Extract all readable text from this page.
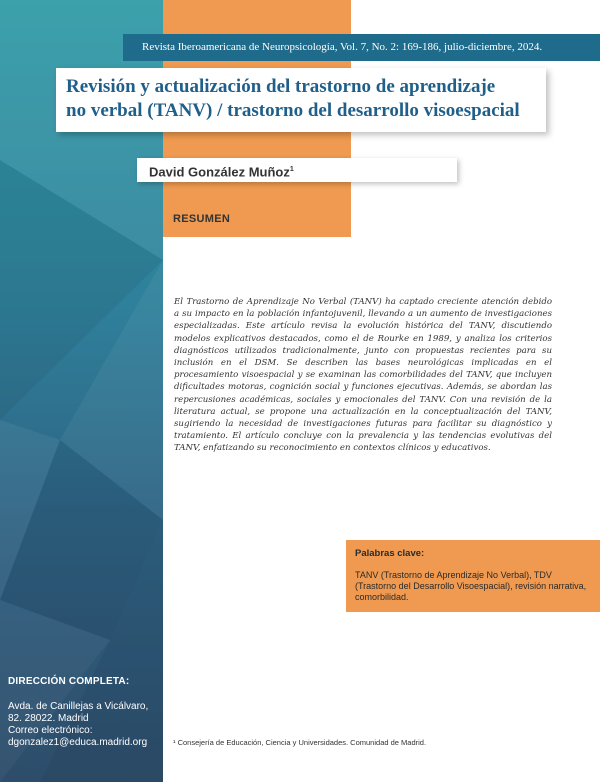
Revista Iberoamericana de Neuropsicología, Vol. 7, No. 2: 169-186, julio-diciembre, 2024.
Revisión y actualización del trastorno de aprendizaje
no verbal (TANV) / trastorno del desarrollo visoespacial
David González Muñoz$^1$
RESUMEN

El Trastorno de Aprendizaje No Verbal (TANV) ha captado creciente atención debido a su impacto en la población infantojuvenil, llevando a un aumento de investigaciones especializadas. Este artículo revisa la evolución histórica del TANV, discutiendo modelos explicativos destacados, como el de Rourke en 1989, y analiza los criterios diagnósticos utilizados tradicionalmente, junto con propuestas recientes para su inclusión en el DSM. Se describen las bases neurológicas implicadas en el procesamiento visoespacial y se examinan las comorbilidades del TANV, que incluyen dificultades motoras, cognición social y funciones ejecutivas. Además, se abordan las repercusiones académicas, sociales y emocionales del TANV. Con una revisión de la literatura actual, se propone una actualización en la conceptualización del TANV, sugiriendo la necesidad de investigaciones futuras para facilitar su diagnóstico y tratamiento. El artículo concluye con la prevalencia y las tendencias evolutivas del TANV, enfatizando su reconocimiento en contextos clínicos y educativos.

Palabras clave:

TANV (Trastorno de Aprendizaje No Verbal), TDV (Trastorno del Desarrollo Visoespacial), revisión narrativa, comorbilidad.

DIRECCIÓN COMPLETA:
Avda. de Canillejas a Vicálvaro,
82. 28022. Madrid
Correo electrónico:
dgonzalez1@educa.madrid.org	¹ Consejería de Educación, Ciencia y Universidades. Comunidad de Madrid.
